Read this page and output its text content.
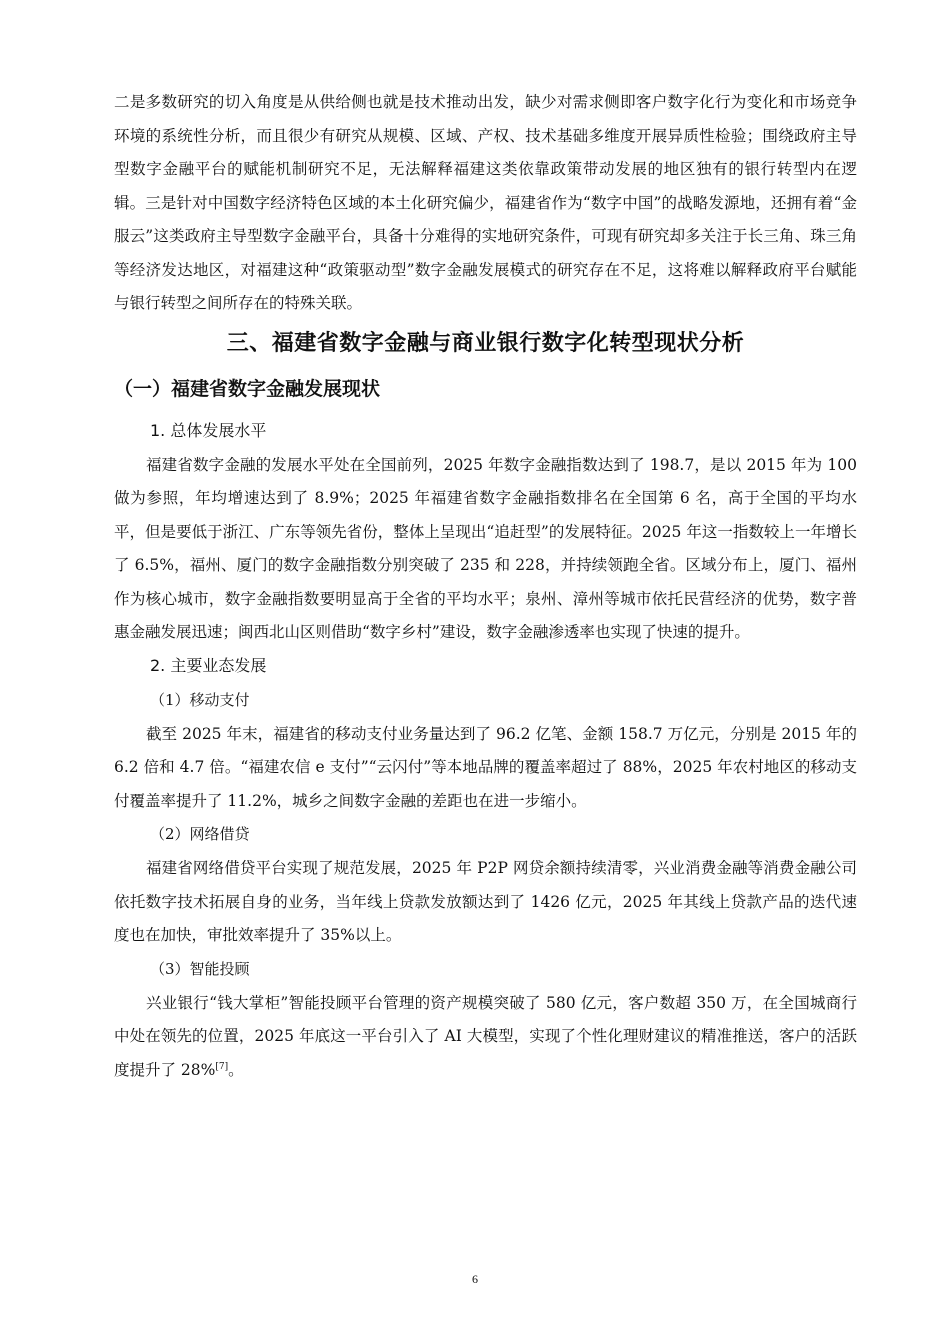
二是多数研究的切入角度是从供给侧也就是技术推动出发，缺少对需求侧即客户数字化行为变化和市场竞争环境的系统性分析，而且很少有研究从规模、区域、产权、技术基础多维度开展异质性检验；围绕政府主导型数字金融平台的赋能机制研究不足，无法解释福建这类依靠政策带动发展的地区独有的银行转型内在逻辑。三是针对中国数字经济特色区域的本土化研究偏少，福建省作为“数字中国”的战略发源地，还拥有着“金服云”这类政府主导型数字金融平台，具备十分难得的实地研究条件，可现有研究却多关注于长三角、珠三角等经济发达地区，对福建这种“政策驱动型”数字金融发展模式的研究存在不足，这将难以解释政府平台赋能与银行转型之间所存在的特殊关联。

三、福建省数字金融与商业银行数字化转型现状分析
（一）福建省数字金融发展现状
1. 总体发展水平

福建省数字金融的发展水平处在全国前列，2025 年数字金融指数达到了 198.7，是以 2015 年为 100 做为参照，年均增速达到了 8.9%；2025 年福建省数字金融指数排名在全国第 6 名，高于全国的平均水平，但是要低于浙江、广东等领先省份，整体上呈现出“追赶型”的发展特征。2025 年这一指数较上一年增长了 6.5%，福州、厦门的数字金融指数分别突破了 235 和 228，并持续领跑全省。区域分布上，厦门、福州作为核心城市，数字金融指数要明显高于全省的平均水平；泉州、漳州等城市依托民营经济的优势，数字普惠金融发展迅速；闽西北山区则借助“数字乡村”建设，数字金融渗透率也实现了快速的提升。

2. 主要业态发展
（1）移动支付

截至 2025 年末，福建省的移动支付业务量达到了 96.2 亿笔、金额 158.7 万亿元，分别是 2015 年的 6.2 倍和 4.7 倍。“福建农信 e 支付”“云闪付”等本地品牌的覆盖率超过了 88%，2025 年农村地区的移动支付覆盖率提升了 11.2%，城乡之间数字金融的差距也在进一步缩小。

（2）网络借贷

福建省网络借贷平台实现了规范发展，2025 年 P2P 网贷余额持续清零，兴业消费金融等消费金融公司依托数字技术拓展自身的业务，当年线上贷款发放额达到了 1426 亿元，2025 年其线上贷款产品的迭代速度也在加快，审批效率提升了 35%以上。

（3）智能投顾

兴业银行“钱大掌柜”智能投顾平台管理的资产规模突破了 580 亿元，客户数超 350 万，在全国城商行中处在领先的位置，2025 年底这一平台引入了 AI 大模型，实现了个性化理财建议的精准推送，客户的活跃度提升了 28%[7]。

6
